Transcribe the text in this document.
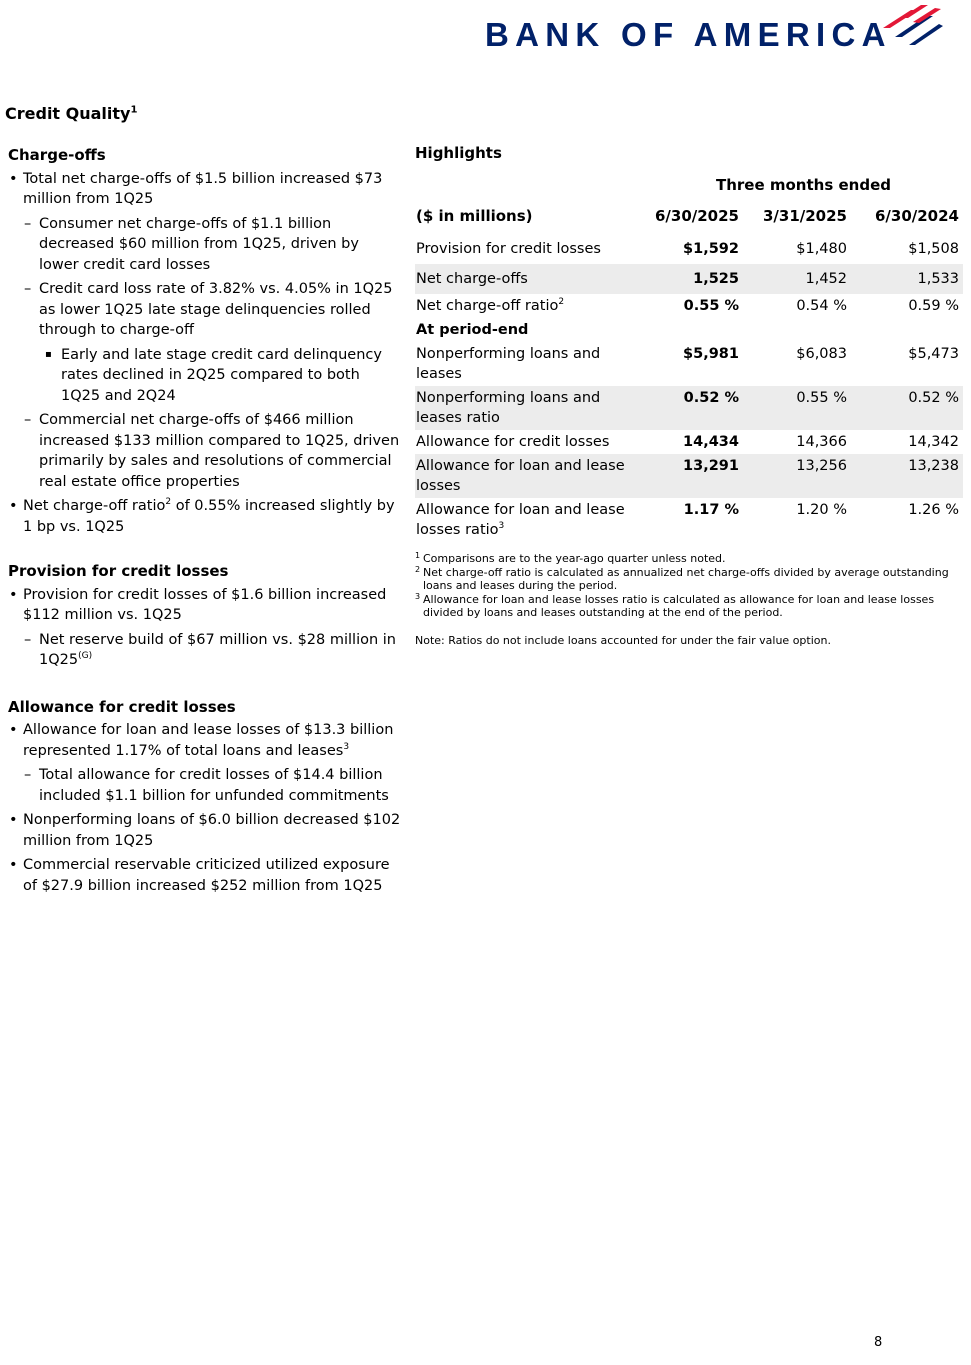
BANK OF AMERICA
Credit Quality$^1$
Charge-offs
• Total net charge-offs of $1.5 billion increased $73 million from 1Q25
– Consumer net charge-offs of $1.1 billion decreased $60 million from 1Q25, driven by lower credit card losses
– Credit card loss rate of 3.82% vs. 4.05% in 1Q25 as lower 1Q25 late stage delinquencies rolled through to charge-off
▪ Early and late stage credit card delinquency rates declined in 2Q25 compared to both 1Q25 and 2Q24
– Commercial net charge-offs of $466 million increased $133 million compared to 1Q25, driven primarily by sales and resolutions of commercial real estate office properties
• Net charge-off ratio$^2$ of 0.55% increased slightly by 1 bp vs. 1Q25
Provision for credit losses
• Provision for credit losses of $1.6 billion increased $112 million vs. 1Q25
– Net reserve build of $67 million vs. $28 million in $1Q25^{(G)}$
Allowance for credit losses
• Allowance for loan and lease losses of $13.3 billion represented 1.17% of total loans and leases$^3$
– Total allowance for credit losses of $14.4 billion included $1.1 billion for unfunded commitments
• Nonperforming loans of $6.0 billion decreased $102 million from 1Q25
• Commercial reservable criticized utilized exposure of $27.9 billion increased $252 million from 1Q25
Highlights
Three months ended
($ in millions)	6/30/2025	3/31/2025	6/30/2024
Provision for credit losses	$1,592	$1,480	$1,508
Net charge-offs	1,525	1,452	1,533
Net charge-off ratio$^2$	0.55 %	0.54 %	0.59 %
At period-end			
Nonperforming loans and leases	$5,981	$6,083	$5,473
Nonperforming loans and leases ratio	0.52 %	0.55 %	0.52 %
Allowance for credit losses	14,434	14,366	14,342
Allowance for loan and lease losses	13,291	13,256	13,238
Allowance for loan and lease losses ratio$^3$	1.17 %	1.20 %	1.26 %
1 Comparisons are to the year-ago quarter unless noted.
2 Net charge-off ratio is calculated as annualized net charge-offs divided by average outstanding loans and leases during the period.
3 Allowance for loan and lease losses ratio is calculated as allowance for loan and lease losses divided by loans and leases outstanding at the end of the period.
Note: Ratios do not include loans accounted for under the fair value option.
8
